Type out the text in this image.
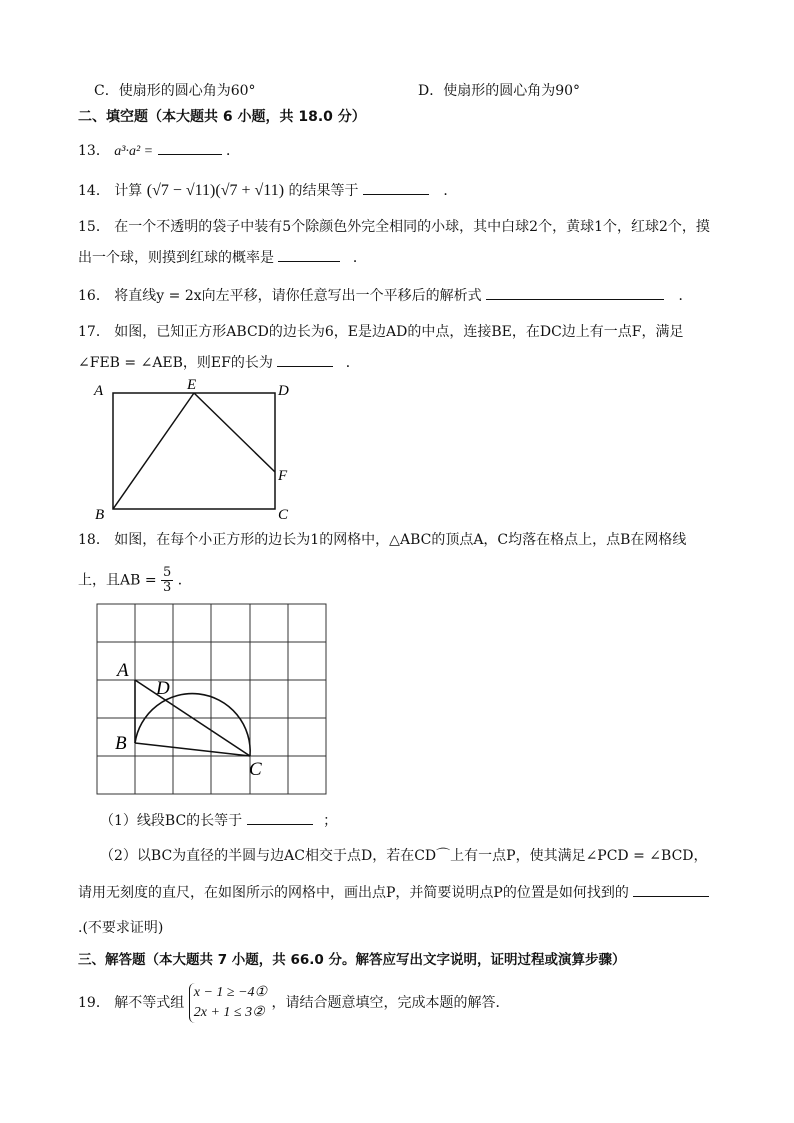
C．使扇形的圆心角为60°	D．使扇形的圆心角为90°
二、填空题（本大题共 6 小题，共 18.0 分）
13． a³·a² =	．
14． 计算 (√7 − √11)(√7 + √11) 的结果等于	．
15． 在一个不透明的袋子中装有5个除颜色外完全相同的小球，其中白球2个，黄球1个，红球2个，摸
出一个球，则摸到红球的概率是	．
16． 将直线y = 2x向左平移，请你任意写出一个平移后的解析式	．
17． 如图，已知正方形ABCD的边长为6，E是边AD的中点，连接BE，在DC边上有一点F，满足
∠FEB = ∠AEB，则EF的长为	．
A	E	D
F
B	C
18． 如图，在每个小正方形的边长为1的网格中，△ABC的顶点A，C均落在格点上，点B在网格线
上，且AB = $\frac{5}{3}$ ．
A
D
B
C
（1）线段BC的长等于	；
（2）以BC为直径的半圆与边AC相交于点D，若在CD⌒上有一点P，使其满足∠PCD = ∠BCD，
请用无刻度的直尺，在如图所示的网格中，画出点P，并简要说明点P的位置是如何找到的
.(不要求证明)
三、解答题（本大题共 7 小题，共 66.0 分。解答应写出文字说明，证明过程或演算步骤）
19． 解不等式组
x − 1 ≥ −4①
2x + 1 ≤ 3②
，请结合题意填空，完成本题的解答．
